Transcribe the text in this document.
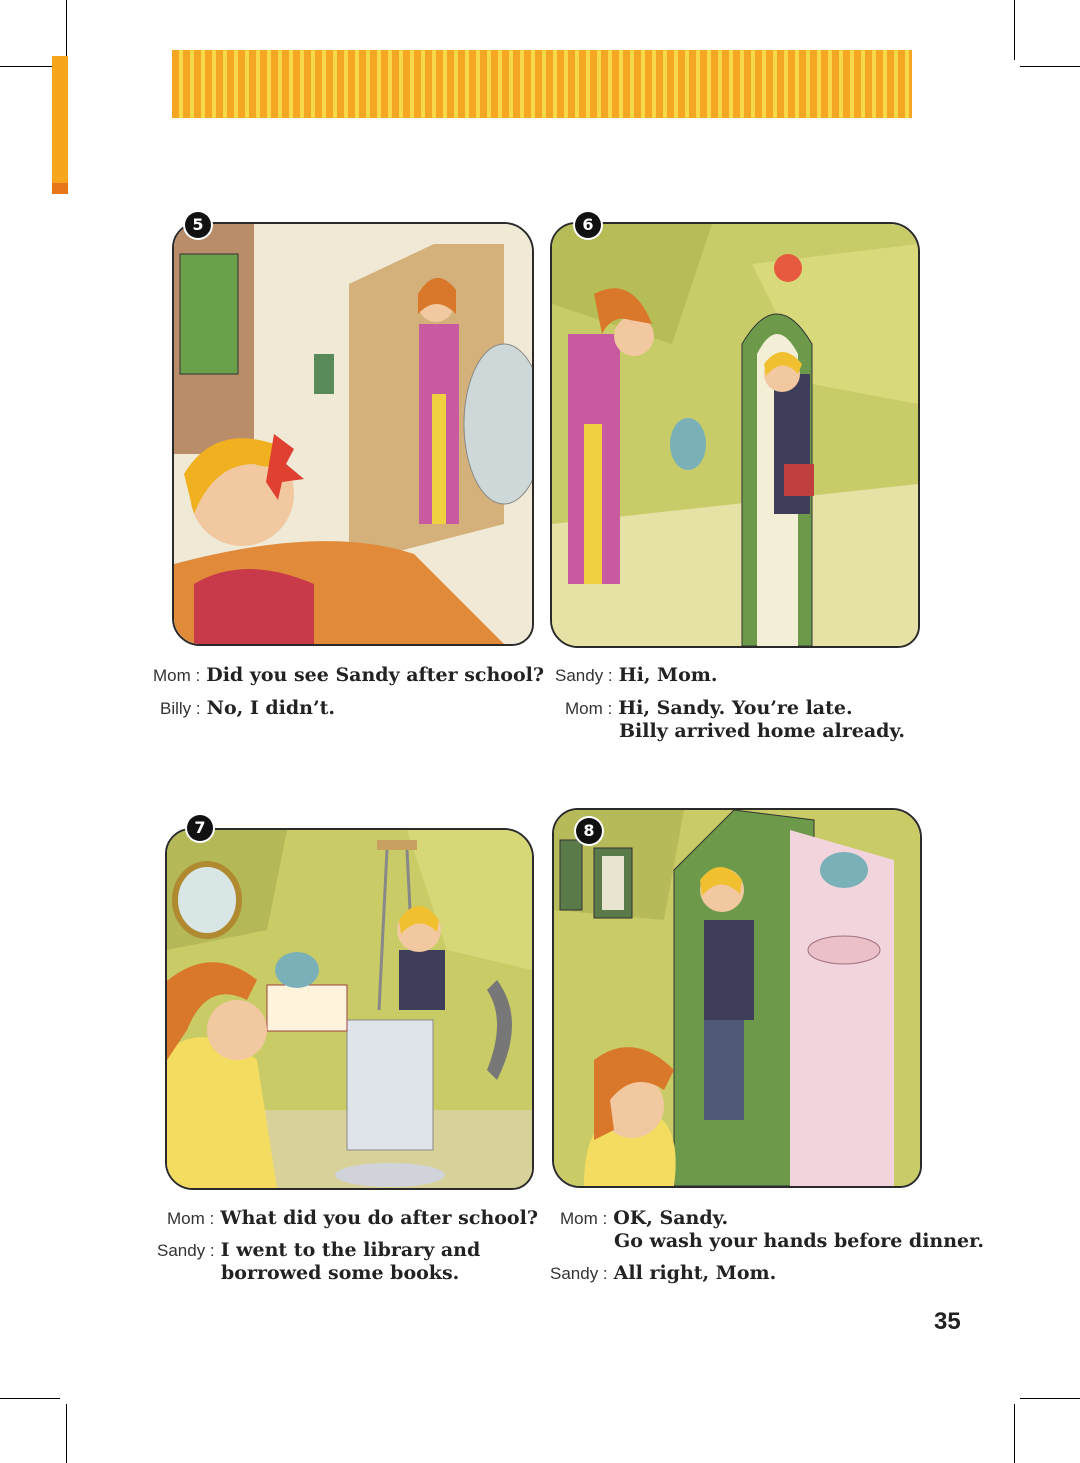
5	6
7	8
Mom : Did you see Sandy after school?
Billy : No, I didn’t.
Sandy : Hi, Mom.
Mom : Hi, Sandy. You’re late.
Billy arrived home already.
Mom : What did you do after school?
Sandy : I went to the library and
borrowed some books.
Mom : OK, Sandy.
Go wash your hands before dinner.
Sandy : All right, Mom.
35
